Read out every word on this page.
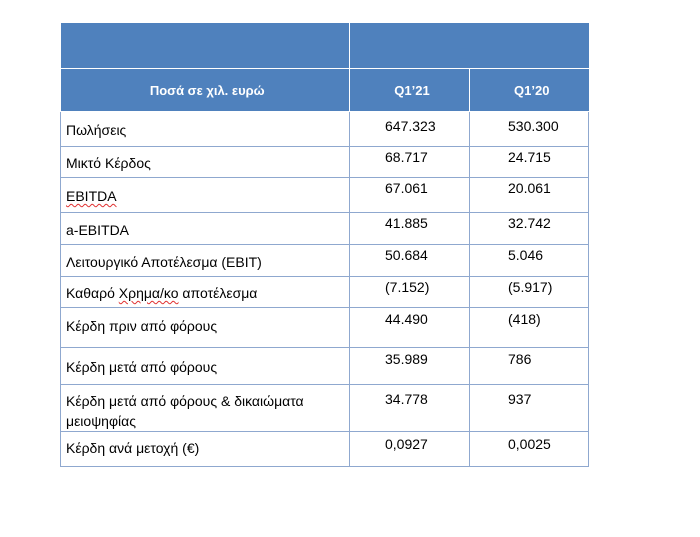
Ποσά σε χιλ. ευρώ	Q1’21	Q1’20
Πωλήσεις	647.323	530.300
Μικτό Κέρδος	68.717	24.715
EBITDA	67.061	20.061
a-EBITDA	41.885	32.742
Λειτουργικό Αποτέλεσμα (EBIT)	50.684	5.046
Καθαρό Χρημα/κο αποτέλεσμα	(7.152)	(5.917)
Κέρδη πριν από φόρους	44.490	(418)
Κέρδη μετά από φόρους	35.989	786
Κέρδη μετά από φόρους & δικαιώματα
μειοψηφίας	34.778	937
Κέρδη ανά μετοχή (€)	0,0927	0,0025
